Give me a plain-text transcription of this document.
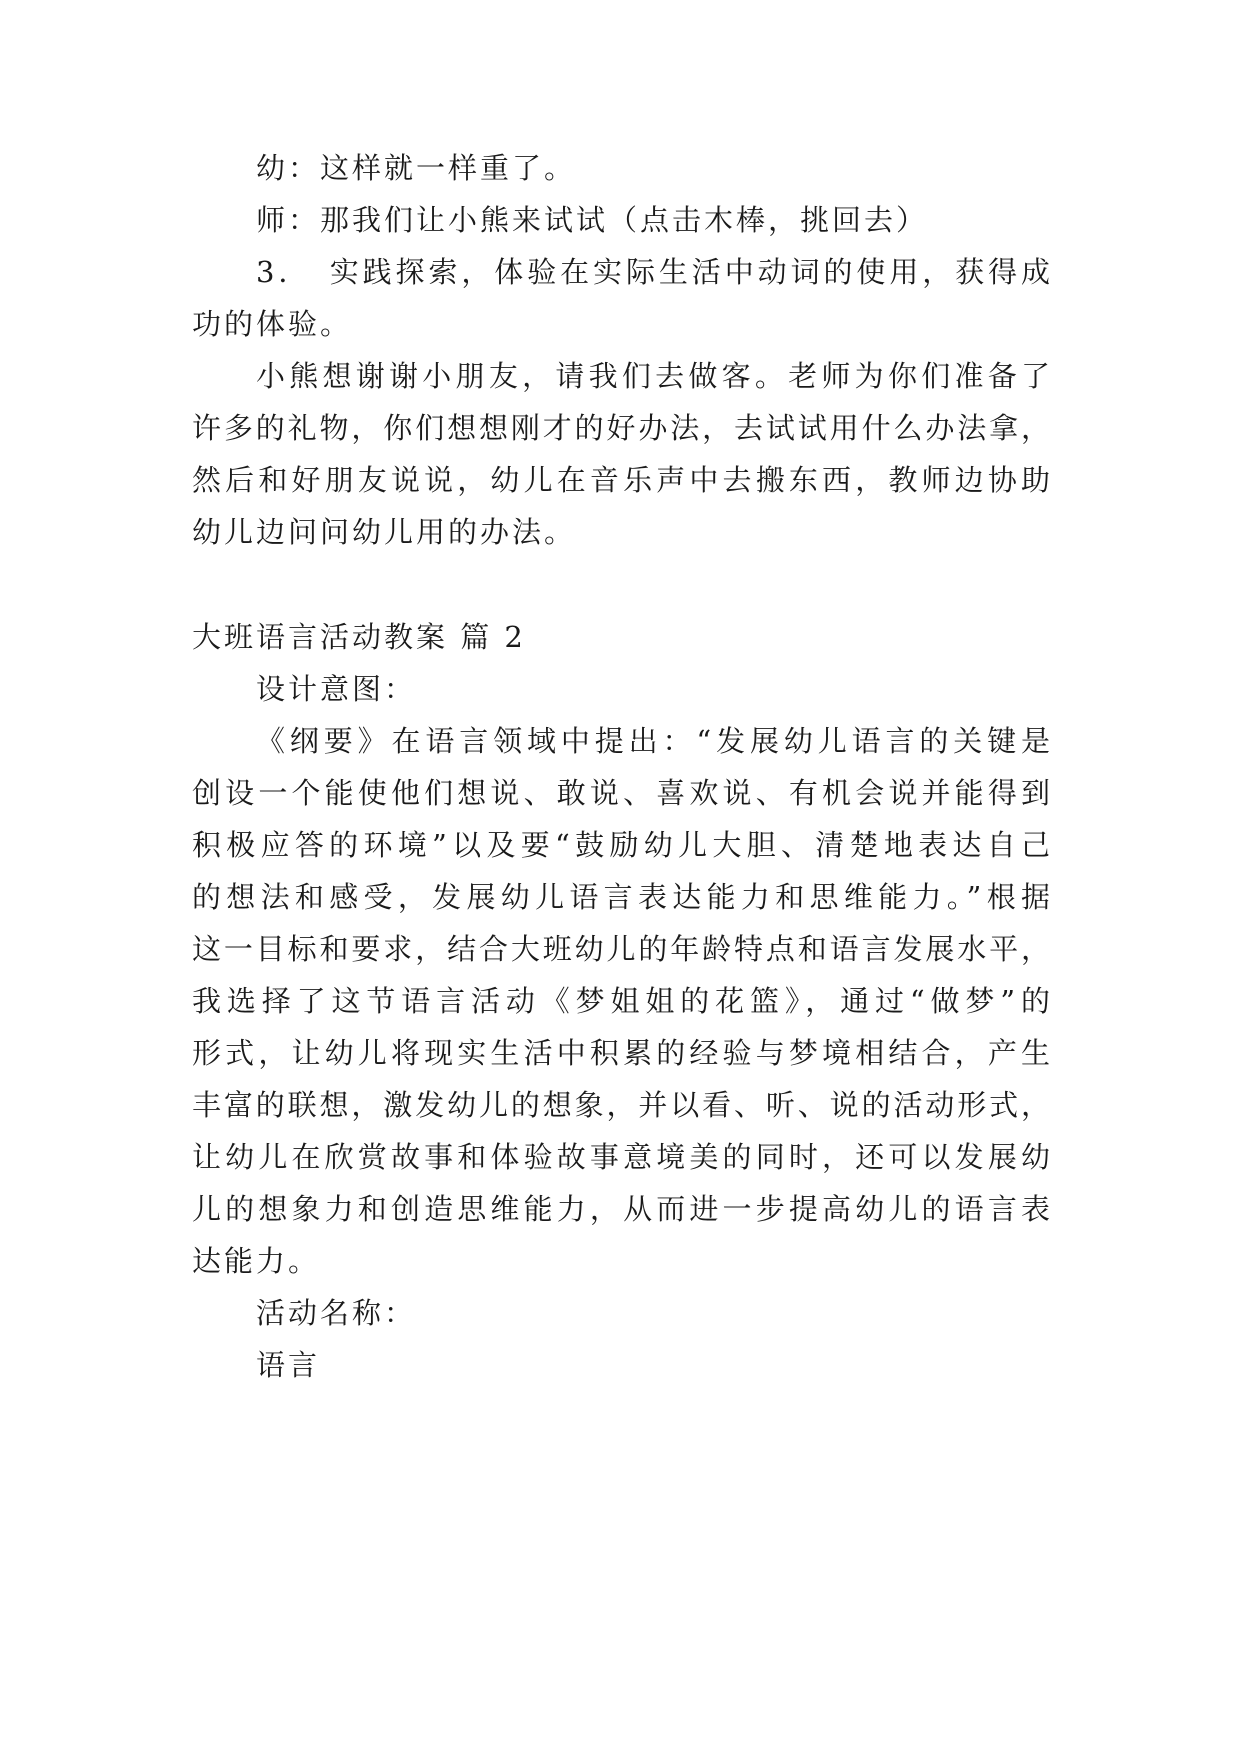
幼：这样就一样重了。
师：那我们让小熊来试试（点击木棒，挑回去）
3．　实践探索，体验在实际生活中动词的使用，获得成
功的体验。
小熊想谢谢小朋友，请我们去做客。老师为你们准备了
许多的礼物，你们想想刚才的好办法，去试试用什么办法拿，
然后和好朋友说说，幼儿在音乐声中去搬东西，教师边协助
幼儿边问问幼儿用的办法。
大班语言活动教案 篇 2
设计意图：
《纲要》在语言领域中提出：“发展幼儿语言的关键是
创设一个能使他们想说、敢说、喜欢说、有机会说并能得到
积极应答的环境”以及要“鼓励幼儿大胆、清楚地表达自己
的想法和感受，发展幼儿语言表达能力和思维能力。”根据
这一目标和要求，结合大班幼儿的年龄特点和语言发展水平，
我选择了这节语言活动《梦姐姐的花篮》，通过“做梦”的
形式，让幼儿将现实生活中积累的经验与梦境相结合，产生
丰富的联想，激发幼儿的想象，并以看、听、说的活动形式，
让幼儿在欣赏故事和体验故事意境美的同时，还可以发展幼
儿的想象力和创造思维能力，从而进一步提高幼儿的语言表
达能力。
活动名称：
语言
